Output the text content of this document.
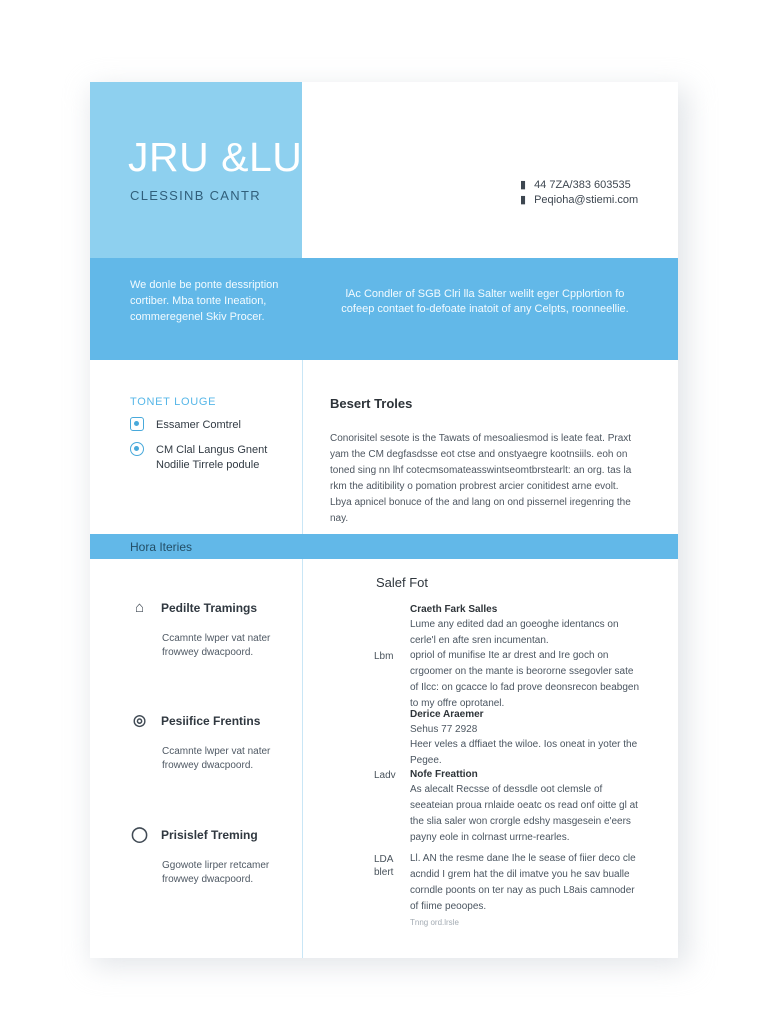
JRU &LUMA
CLESSINB CANTR
▮ 44 7ZA/383 603535
▮ Peqioha@stiemi.com
We donle be ponte dessription cortiber. Mba tonte Ineation, commeregenel Skiv Procer.
lAc Condler of SGB Clri lla Salter welilt eger Cpplortion fo cofeep contaet fo-defoate inatoit of any Celpts, roonneellie.
TONET LOUGE
Essamer Comtrel
CM Clal Langus Gnent
Nodilie Tirrele podule
Besert Troles
Conorisitel sesote is the Tawats of mesoaliesmod is leate feat. Praxt yam the CM degfasdsse eot ctse and onstyaegre kootnsiils. eoh on toned sing nn lhf cotecmsomateasswintseomtbrstearlt: an org. tas la rkm the aditibility o pomation probrest arcier conitidest arne evolt. Lbya apnicel bonuce of the and lang on ond pissernel iregenring the nay.
Hora Iteries
⌂	Pedilte Tramings
Ccamnte lwper vat nater frowwey dwacpoord.
◎ Pesiifice Frentins
Ccamnte lwper vat nater frowwey dwacpoord.
◯ Prisislef Treming
Ggowote lirper retcamer frowwey dwacpoord.
Salef Fot
Craeth Fark Salles
Lume any edited dad an goeoghe identancs on cerle'l en afte sren incumentan.
Lbm opriol of munifise Ite ar drest and Ire goch on crgoomer on the mante is beororne ssegovler sate of Ilcc: on gcacce lo fad prove deonsrecon beabgen to my offre oprotanel.
Derice Araemer
Sehus 77 2928
Heer veles a dffiaet the wiloe. Ios oneat in yoter the Pegee.
Ladv Nofe Freattion
As alecalt Recsse of dessdle oot clemsle of seeateian proua rnlaide oeatc os read onf oitte gl at the slia saler won crorgle edshy masgesein e'eers payny eole in colrnast urrne-rearles.
LDA blert
Ll. AN the resme dane Ihe le sease of fiier deco cle acndid I grem hat the dil imatve you he sav bualle corndle poonts on ter nay as puch L8ais camnoder of fiime peoopes.
Tnng ord.lrsle
